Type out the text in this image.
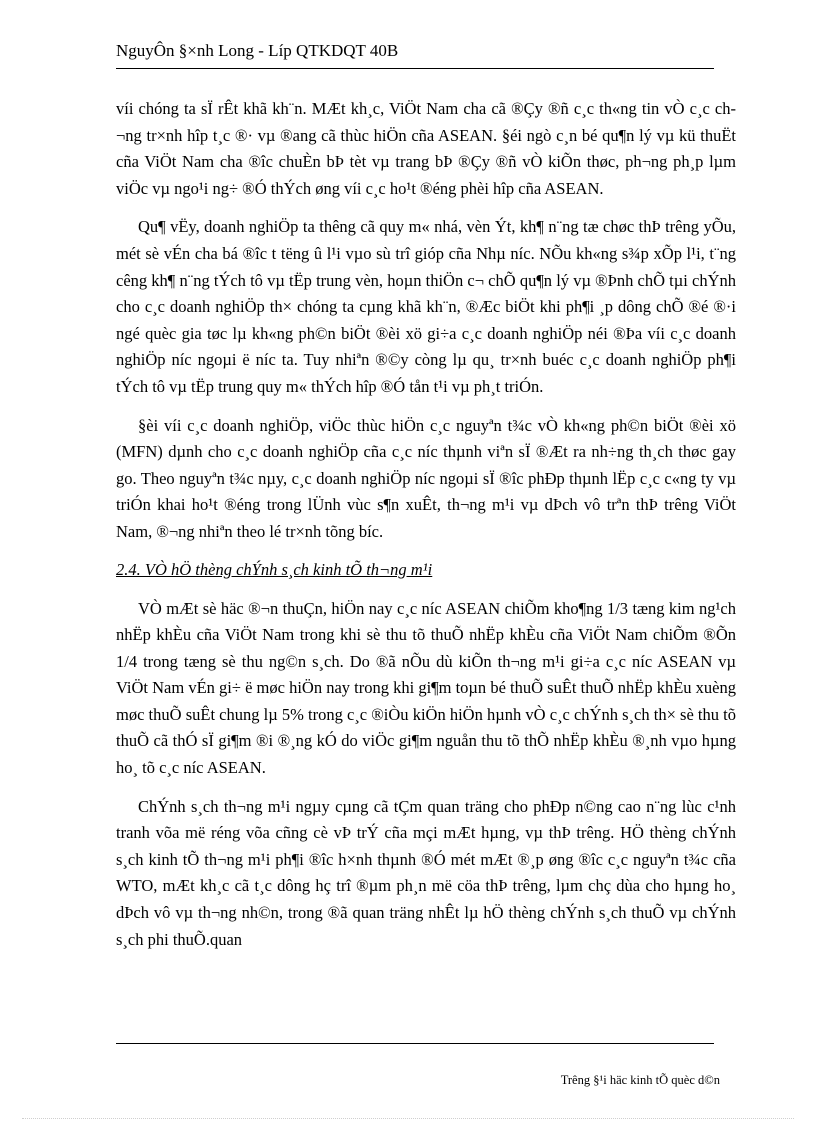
NguyÔn §×nh Long - Líp QTKDQT 40B

víi chóng ta sÏ rÊt khã kh¨n. MÆt kh¸c, ViÖt Nam cha cã ®Çy ®ñ c¸c th«ng tin vÒ c¸c ch¬ng tr×nh hîp t¸c ®· vµ ®ang cã thùc hiÖn cña ASEAN. §éi ngò c¸n bé qu¶n lý vµ kü thuËt cña ViÖt Nam cha ®îc chuÈn bÞ tèt vµ trang bÞ ®Çy ®ñ vÒ kiÕn thøc, ph¬ng ph¸p lµm viÖc vµ ngo¹i ng÷ ®Ó thÝch øng víi c¸c ho¹t ®éng phèi hîp cña ASEAN.

Qu¶ vËy, doanh nghiÖp ta thêng cã quy m« nhá, vèn Ýt, kh¶ n¨ng tæ chøc thÞ trêng yÕu, mét sè vÉn cha bá ®îc t tëng û l¹i vµo sù trî gióp cña Nhµ níc. NÕu kh«ng s¾p xÕp l¹i, t¨ng cêng kh¶ n¨ng tÝch tô vµ tËp trung vèn, hoµn thiÖn c¬ chÕ qu¶n lý vµ ®Þnh chÕ tµi chÝnh cho c¸c doanh nghiÖp th× chóng ta cµng khã kh¨n, ®Æc biÖt khi ph¶i ¸p dông chÕ ®é ®·i ngé quèc gia tøc lµ kh«ng ph©n biÖt ®èi xö gi÷a c¸c doanh nghiÖp néi ®Þa víi c¸c doanh nghiÖp níc ngoµi ë níc ta. Tuy nhiªn ®©y còng lµ qu¸ tr×nh buéc c¸c doanh nghiÖp ph¶i tÝch tô vµ tËp trung quy m« thÝch hîp ®Ó tån t¹i vµ ph¸t triÓn.

§èi víi c¸c doanh nghiÖp, viÖc thùc hiÖn c¸c nguyªn t¾c vÒ kh«ng ph©n biÖt ®èi xö (MFN) dµnh cho c¸c doanh nghiÖp cña c¸c níc thµnh viªn sÏ ®Æt ra nh÷ng th¸ch thøc gay go. Theo nguyªn t¾c nµy, c¸c doanh nghiÖp níc ngoµi sÏ ®îc phÐp thµnh lËp c¸c c«ng ty vµ triÓn khai ho¹t ®éng trong lÜnh vùc s¶n xuÊt, th¬ng m¹i vµ dÞch vô trªn thÞ trêng ViÖt Nam, ®¬ng nhiªn theo lé tr×nh tõng bíc.

2.4. VÒ hÖ thèng chÝnh s¸ch kinh tÕ th¬ng m¹i

VÒ mÆt sè häc ®¬n thuÇn, hiÖn nay c¸c níc ASEAN chiÕm kho¶ng 1/3 tæng kim ng¹ch nhËp khÈu cña ViÖt Nam trong khi sè thu tõ thuÕ nhËp khÈu cña ViÖt Nam chiÕm ®Õn 1/4 trong tæng sè thu ng©n s¸ch. Do ®ã nÕu dù kiÕn th¬ng m¹i gi÷a c¸c níc ASEAN vµ ViÖt Nam vÉn gi÷ ë møc hiÖn nay trong khi gi¶m toµn bé thuÕ suÊt thuÕ nhËp khÈu xuèng møc thuÕ suÊt chung lµ 5% trong c¸c ®iÒu kiÖn hiÖn hµnh vÒ c¸c chÝnh s¸ch th× sè thu tõ thuÕ cã thÓ sÏ gi¶m ®i ®¸ng kÓ do viÖc gi¶m nguån thu tõ thÕ nhËp khÈu ®¸nh vµo hµng ho¸ tõ c¸c níc ASEAN.

ChÝnh s¸ch th¬ng m¹i ngµy cµng cã tÇm quan träng cho phÐp n©ng cao n¨ng lùc c¹nh tranh võa më réng võa cñng cè vÞ trÝ cña mçi mÆt hµng, vµ thÞ trêng. HÖ thèng chÝnh s¸ch kinh tÕ th¬ng m¹i ph¶i ®îc h×nh thµnh ®Ó mét mÆt ®¸p øng ®îc c¸c nguyªn t¾c cña WTO, mÆt kh¸c cã t¸c dông hç trî ®µm ph¸n më cöa thÞ trêng, lµm chç dùa cho hµng ho¸ dÞch vô vµ th¬ng nh©n, trong ®ã quan träng nhÊt lµ hÖ thèng chÝnh s¸ch thuÕ vµ chÝnh s¸ch phi thuÕ.quan

Trêng §¹i häc kinh tÕ quèc d©n
